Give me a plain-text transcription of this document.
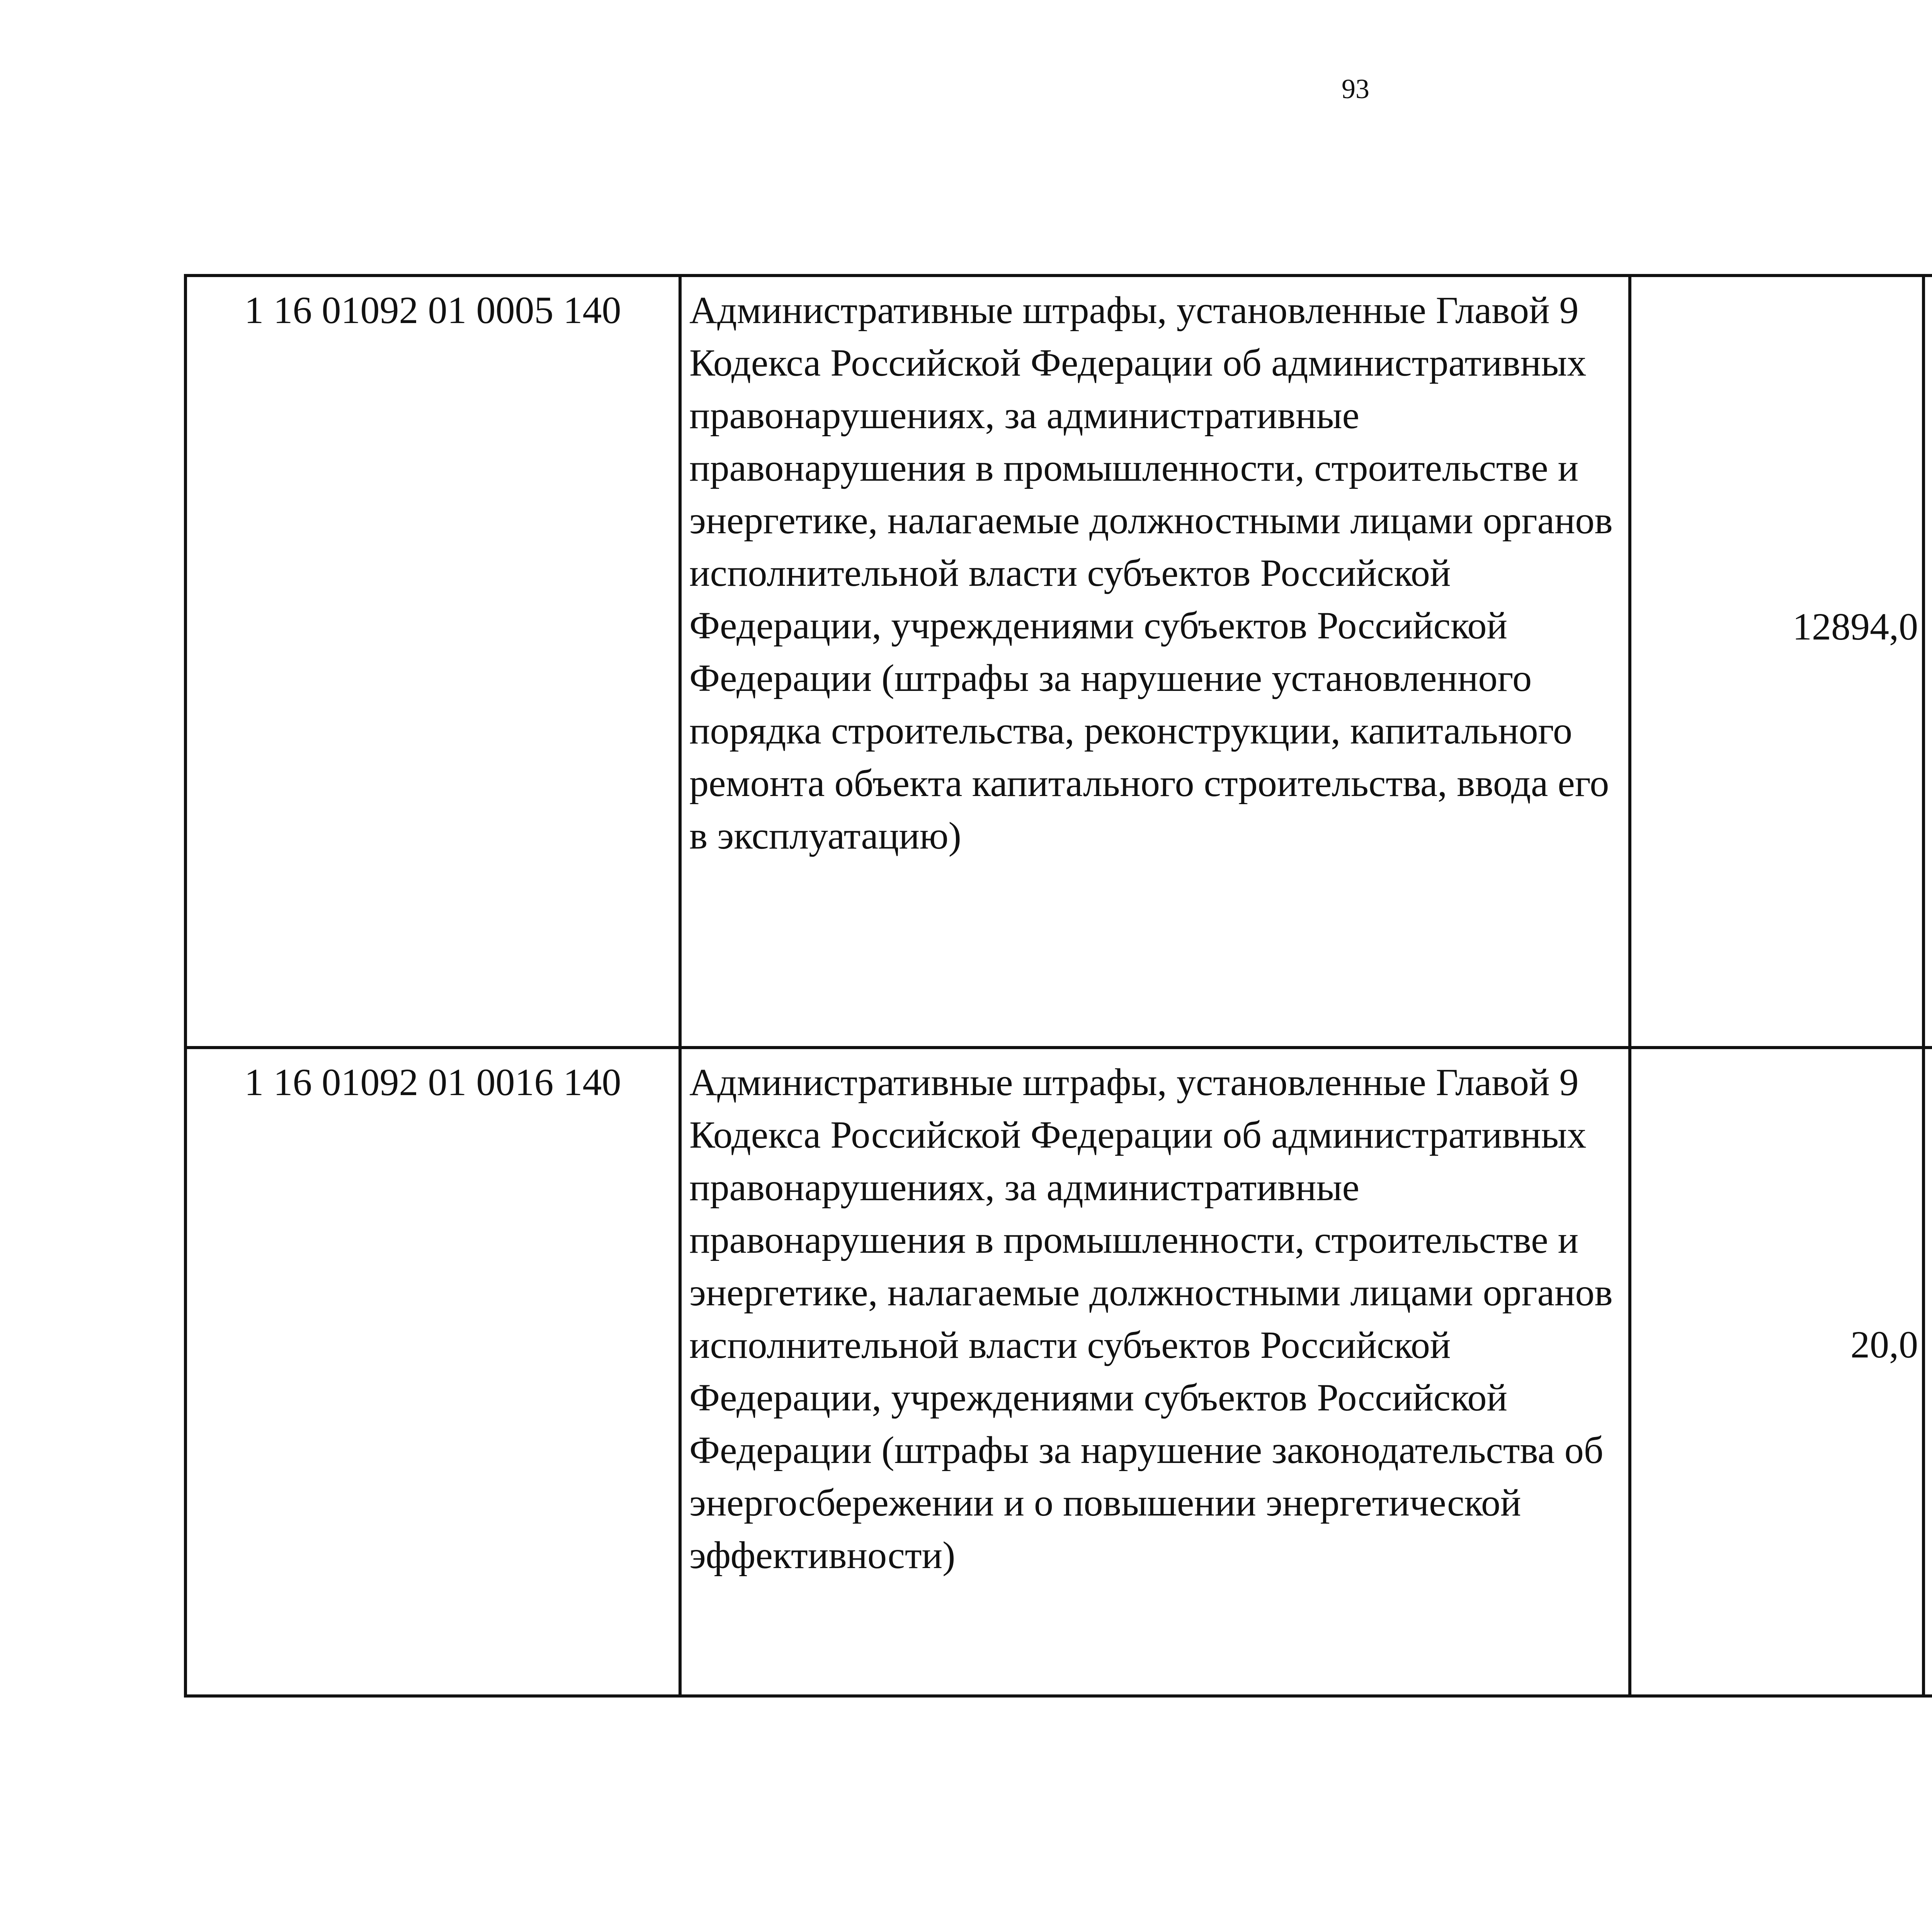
93
1 16 01092 01 0005 140	Административные штрафы, установленные Главой 9 Кодекса Российской Федерации об административных правонарушениях, за административные правонарушения в промышленности, строительстве и энергетике, налагаемые должностными лицами органов исполнительной власти субъектов Российской Федерации, учреждениями субъектов Российской Федерации (штрафы за нарушение установленного порядка строительства, реконструкции, капитального ремонта объекта капитального строительства, ввода его в эксплуатацию)	12894,0		
1 16 01092 01 0016 140	Административные штрафы, установленные Главой 9 Кодекса Российской Федерации об административных правонарушениях, за административные правонарушения в промышленности, строительстве и энергетике, налагаемые должностными лицами органов исполнительной власти субъектов Российской Федерации, учреждениями субъектов Российской Федерации (штрафы за нарушение законодательства об энергосбережении и о повышении энергетической эффективности)	20,0		
